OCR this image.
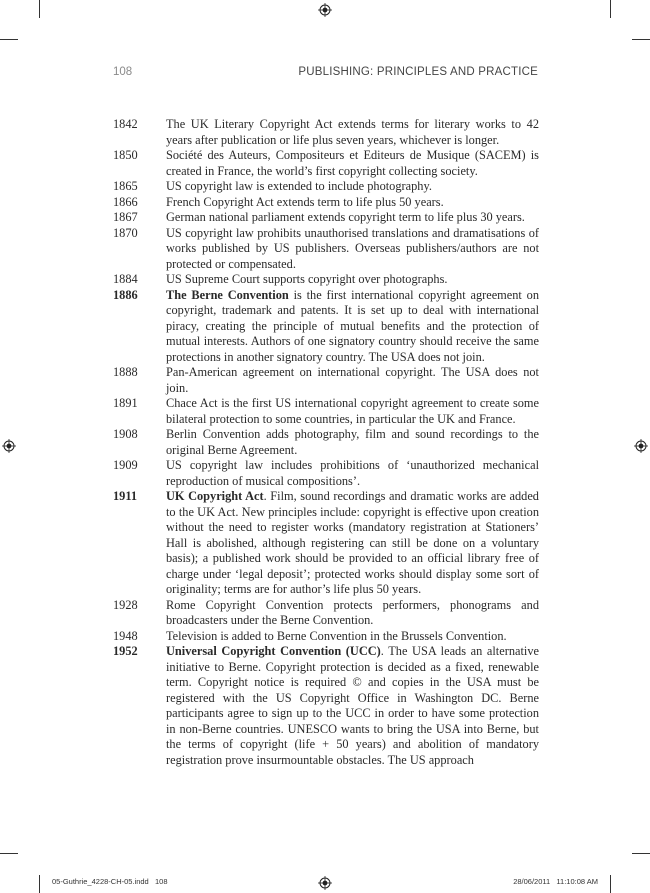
108	PUBLISHING: PRINCIPLES AND PRACTICE
1842	The UK Literary Copyright Act extends terms for literary works to 42 years after publication or life plus seven years, whichever is longer.
1850	Société des Auteurs, Compositeurs et Editeurs de Musique (SACEM) is created in France, the world’s first copyright collecting society.
1865	US copyright law is extended to include photography.
1866	French Copyright Act extends term to life plus 50 years.
1867	German national parliament extends copyright term to life plus 30 years.
1870	US copyright law prohibits unauthorised translations and dramatisations of works published by US publishers. Overseas publishers/authors are not protected or compensated.
1884	US Supreme Court supports copyright over photographs.
1886	The Berne Convention is the first international copyright agreement on copyright, trademark and patents. It is set up to deal with international piracy, creating the principle of mutual benefits and the protection of mutual interests. Authors of one signatory country should receive the same protections in another signatory country. The USA does not join.
1888	Pan-American agreement on international copyright. The USA does not join.
1891	Chace Act is the first US international copyright agreement to create some bilateral protection to some countries, in particular the UK and France.
1908	Berlin Convention adds photography, film and sound recordings to the original Berne Agreement.
1909	US copyright law includes prohibitions of ‘unauthorized mechanical reproduction of musical compositions’.
1911	UK Copyright Act. Film, sound recordings and dramatic works are added to the UK Act. New principles include: copyright is effective upon creation without the need to register works (mandatory registration at Stationers’ Hall is abolished, although registering can still be done on a voluntary basis); a published work should be provided to an official library free of charge under ‘legal deposit’; protected works should display some sort of originality; terms are for author’s life plus 50 years.
1928	Rome Copyright Convention protects performers, phonograms and broadcasters under the Berne Convention.
1948	Television is added to Berne Convention in the Brussels Convention.
1952	Universal Copyright Convention (UCC). The USA leads an alternative initiative to Berne. Copyright protection is decided as a fixed, renewable term. Copyright notice is required © and copies in the USA must be registered with the US Copyright Office in Washington DC. Berne participants agree to sign up to the UCC in order to have some protection in non-Berne countries. UNESCO wants to bring the USA into Berne, but the terms of copyright (life + 50 years) and abolition of mandatory registration prove insurmountable obstacles. The US approach
05-Guthrie_4228-CH-05.indd   108	28/06/2011   11:10:08 AM
